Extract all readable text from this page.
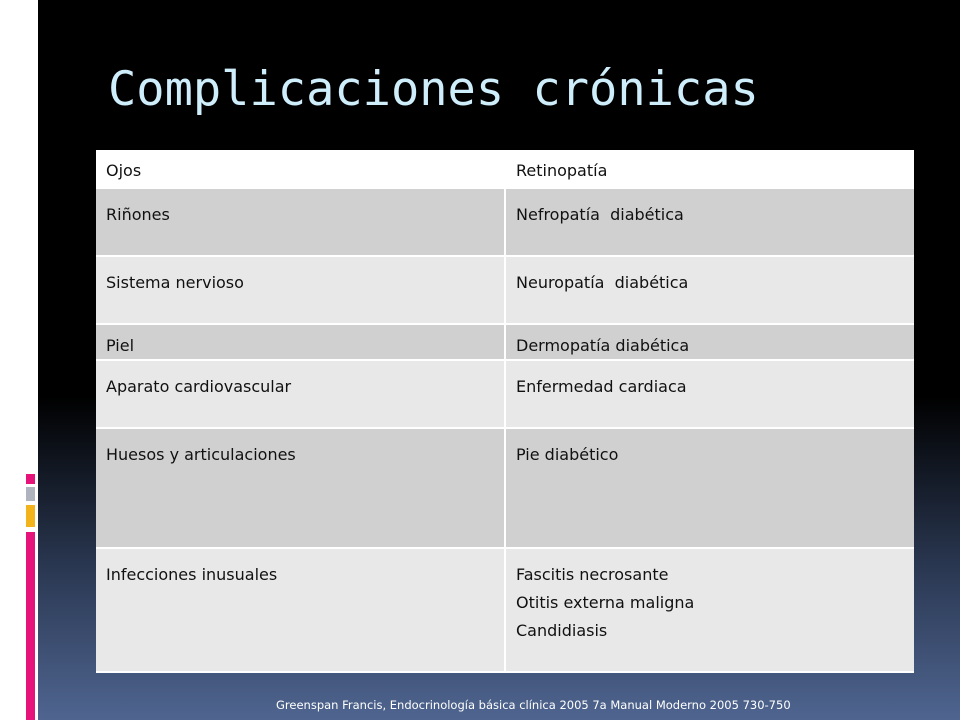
Complicaciones crónicas
Ojos	Retinopatía

Riñones	Nefropatía  diabética

Sistema nervioso	Neuropatía  diabética

Piel	Dermopatía diabética

Aparato cardiovascular	Enfermedad cardiaca

Huesos y articulaciones	Pie diabético

Infecciones inusuales	Fascitis necrosante
Otitis externa maligna
Candidiasis
Greenspan Francis, Endocrinología básica clínica 2005 7a Manual Moderno 2005 730-750
